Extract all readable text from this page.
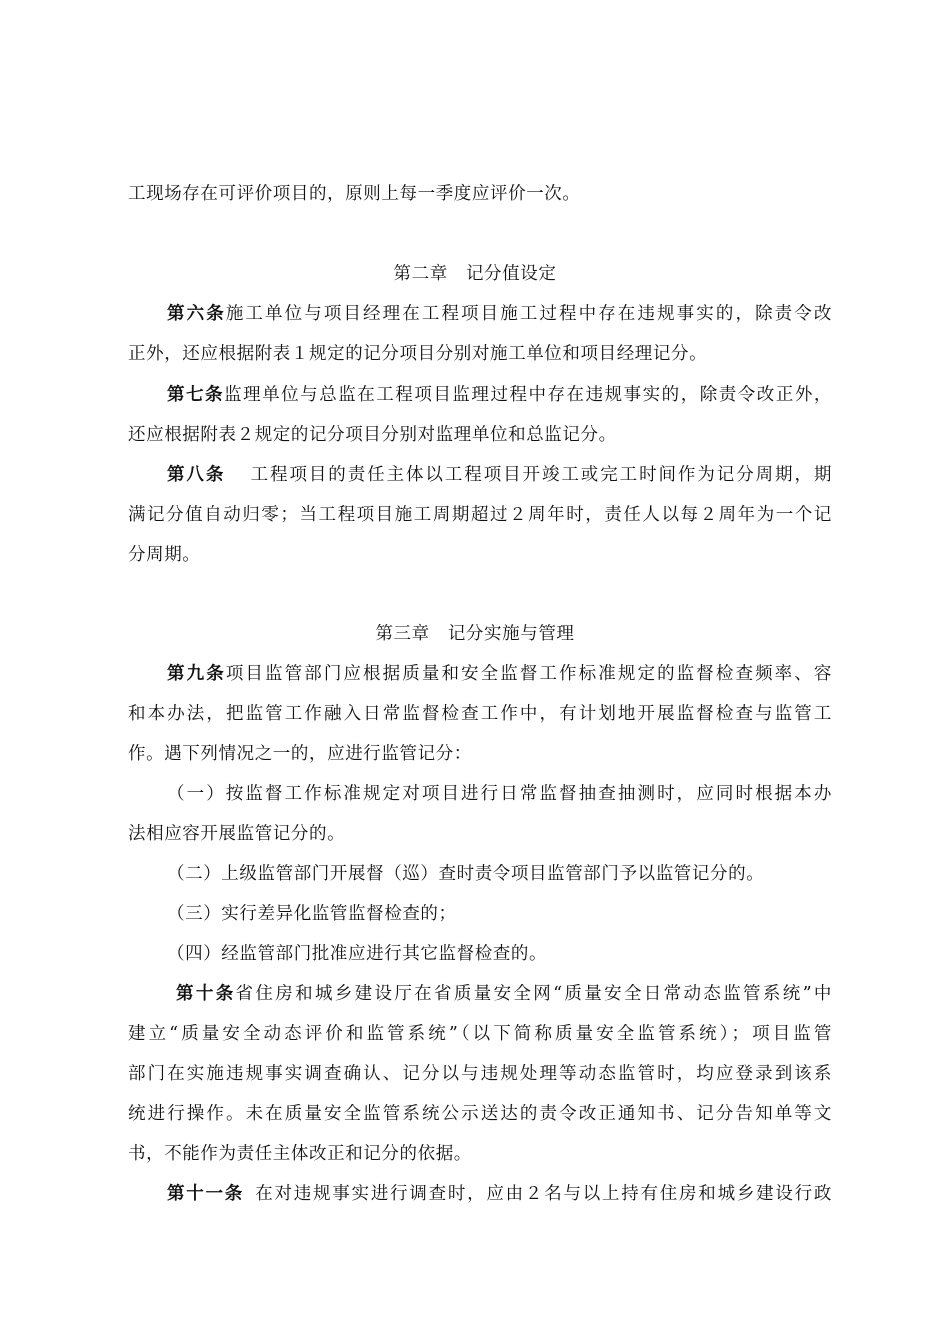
工现场存在可评价项目的，原则上每一季度应评价一次。
第二章　记分值设定
第六条施工单位与项目经理在工程项目施工过程中存在违规事实的，除责令改
正外，还应根据附表１规定的记分项目分别对施工单位和项目经理记分。
第七条监理单位与总监在工程项目监理过程中存在违规事实的，除责令改正外，
还应根据附表２规定的记分项目分别对监理单位和总监记分。
第八条 工程项目的责任主体以工程项目开竣工或完工时间作为记分周期，期
满记分值自动归零；当工程项目施工周期超过２周年时，责任人以每２周年为一个记
分周期。
第三章　记分实施与管理
第九条项目监管部门应根据质量和安全监督工作标准规定的监督检查频率、容
和本办法，把监管工作融入日常监督检查工作中，有计划地开展监督检查与监管工
作。遇下列情况之一的，应进行监管记分：
（一）按监督工作标准规定对项目进行日常监督抽查抽测时，应同时根据本办
法相应容开展监管记分的。
（二）上级监管部门开展督（巡）查时责令项目监管部门予以监管记分的。
（三）实行差异化监管监督检查的；
（四）经监管部门批准应进行其它监督检查的。
第十条省住房和城乡建设厅在省质量安全网“质量安全日常动态监管系统”中
建立“质量安全动态评价和监管系统”（以下简称质量安全监管系统）；项目监管
部门在实施违规事实调查确认、记分以与违规处理等动态监管时，均应登录到该系
统进行操作。未在质量安全监管系统公示送达的责令改正通知书、记分告知单等文
书，不能作为责任主体改正和记分的依据。
第十一条 在对违规事实进行调查时，应由２名与以上持有住房和城乡建设行政
